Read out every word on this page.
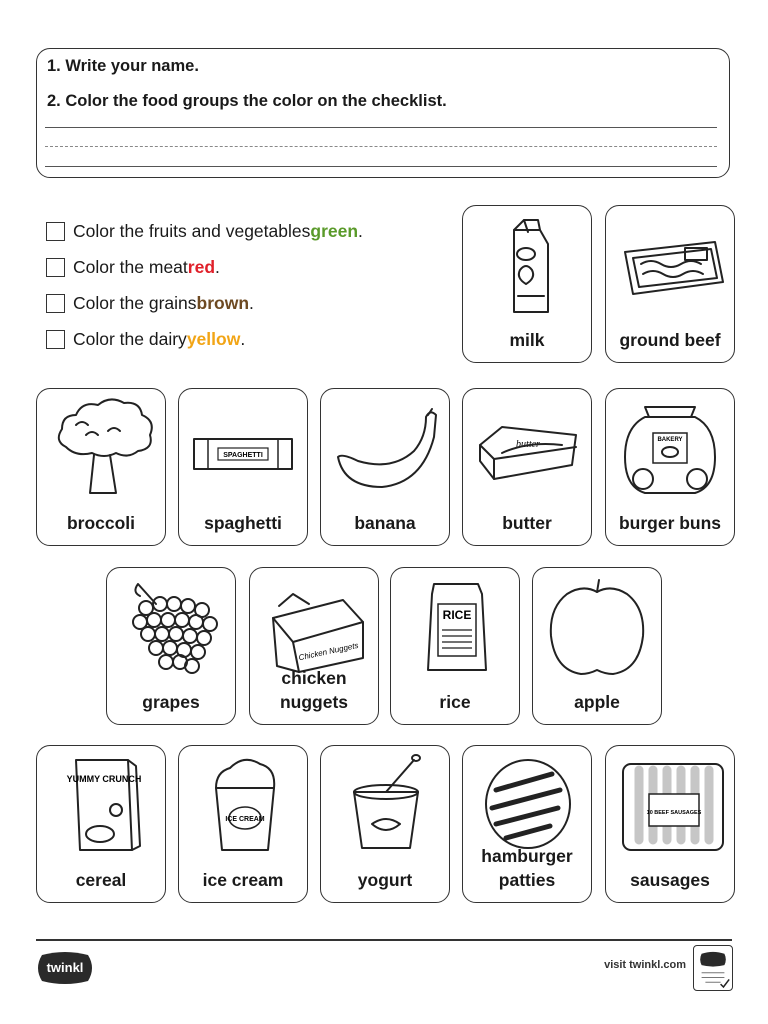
1. Write your name.
2. Color the food groups the color on the checklist.
Color the fruits and vegetables green .
Color the meat red .
Color the grains brown .
Color the dairy yellow .	milk	ground beef
broccoli
SPAGHETTI
spaghetti	banana
butter
butter
BAKERY
burger buns
grapes
Chicken Nuggets
chicken
nuggets
RICE
rice	apple
YUMMY CRUNCH
cereal
ICE CREAM
ice cream	yogurt
hamburger
patties
10 BEEF SAUSAGES
sausages
twinkl	visit twinkl.com
